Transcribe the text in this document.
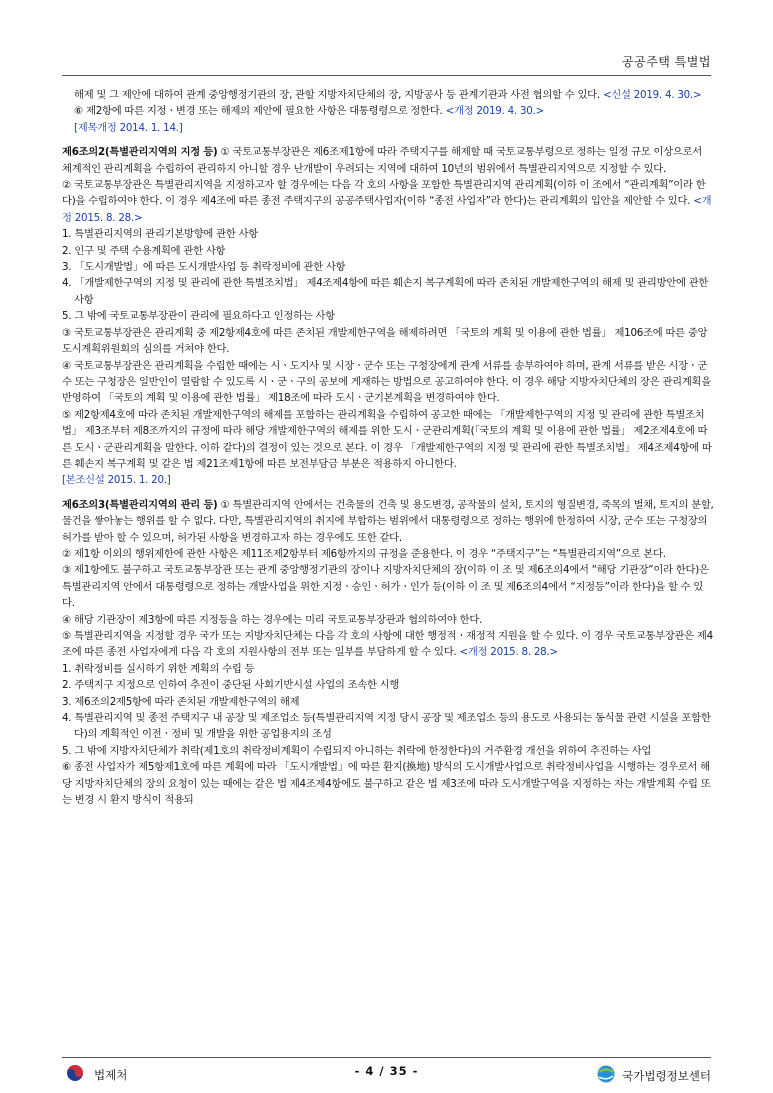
공공주택 특별법

해제 및 그 제안에 대하여 관계 중앙행정기관의 장, 관할 지방자치단체의 장, 지방공사 등 관계기관과 사전 협의할 수 있다. <신설 2019. 4. 30.>

⑥ 제2항에 따른 지정ㆍ변경 또는 해제의 제안에 필요한 사항은 대통령령으로 정한다. <개정 2019. 4. 30.>

[제목개정 2014. 1. 14.]

제6조의2(특별관리지역의 지정 등) ① 국토교통부장관은 제6조제1항에 따라 주택지구를 해제할 때 국토교통부령으로 정하는 일정 규모 이상으로서 체계적인 관리계획을 수립하여 관리하지 아니할 경우 난개발이 우려되는 지역에 대하여 10년의 범위에서 특별관리지역으로 지정할 수 있다.

② 국토교통부장관은 특별관리지역을 지정하고자 할 경우에는 다음 각 호의 사항을 포함한 특별관리지역 관리계획(이하 이 조에서 “관리계획”이라 한다)을 수립하여야 한다. 이 경우 제4조에 따른 종전 주택지구의 공공주택사업자(이하 “종전 사업자”라 한다)는 관리계획의 입안을 제안할 수 있다. <개정 2015. 8. 28.>

1. 특별관리지역의 관리기본방향에 관한 사항

2. 인구 및 주택 수용계획에 관한 사항

3. 「도시개발법」에 따른 도시개발사업 등 취락정비에 관한 사항

4. 「개발제한구역의 지정 및 관리에 관한 특별조치법」 제4조제4항에 따른 훼손지 복구계획에 따라 존치된 개발제한구역의 해제 및 관리방안에 관한 사항

5. 그 밖에 국토교통부장관이 관리에 필요하다고 인정하는 사항

③ 국토교통부장관은 관리계획 중 제2항제4호에 따른 존치된 개발제한구역을 해제하려면 「국토의 계획 및 이용에 관한 법률」 제106조에 따른 중앙도시계획위원회의 심의를 거쳐야 한다.

④ 국토교통부장관은 관리계획을 수립한 때에는 시ㆍ도지사 및 시장ㆍ군수 또는 구청장에게 관계 서류를 송부하여야 하며, 관계 서류를 받은 시장ㆍ군수 또는 구청장은 일반인이 열람할 수 있도록 시ㆍ군ㆍ구의 공보에 게재하는 방법으로 공고하여야 한다. 이 경우 해당 지방자치단체의 장은 관리계획을 반영하여 「국토의 계획 및 이용에 관한 법률」 제18조에 따라 도시ㆍ군기본계획을 변경하여야 한다.

⑤ 제2항제4호에 따라 존치된 개발제한구역의 해제를 포함하는 관리계획을 수립하여 공고한 때에는 「개발제한구역의 지정 및 관리에 관한 특별조치법」 제3조부터 제8조까지의 규정에 따라 해당 개발제한구역의 해제를 위한 도시ㆍ군관리계획(「국토의 계획 및 이용에 관한 법률」 제2조제4호에 따른 도시ㆍ군관리계획을 말한다. 이하 같다)의 결정이 있는 것으로 본다. 이 경우 「개발제한구역의 지정 및 관리에 관한 특별조치법」 제4조제4항에 따른 훼손지 복구계획 및 같은 법 제21조제1항에 따른 보전부담금 부분은 적용하지 아니한다.

[본조신설 2015. 1. 20.]

제6조의3(특별관리지역의 관리 등) ① 특별관리지역 안에서는 건축물의 건축 및 용도변경, 공작물의 설치, 토지의 형질변경, 죽목의 벌채, 토지의 분할, 물건을 쌓아놓는 행위를 할 수 없다. 다만, 특별관리지역의 취지에 부합하는 범위에서 대통령령으로 정하는 행위에 한정하여 시장, 군수 또는 구청장의 허가를 받아 할 수 있으며, 허가된 사항을 변경하고자 하는 경우에도 또한 같다.

② 제1항 이외의 행위제한에 관한 사항은 제11조제2항부터 제6항까지의 규정을 준용한다. 이 경우 “주택지구”는 “특별관리지역”으로 본다.

③ 제1항에도 불구하고 국토교통부장관 또는 관계 중앙행정기관의 장이나 지방자치단체의 장(이하 이 조 및 제6조의4에서 “해당 기관장”이라 한다)은 특별관리지역 안에서 대통령령으로 정하는 개발사업을 위한 지정ㆍ승인ㆍ허가ㆍ인가 등(이하 이 조 및 제6조의4에서 “지정등”이라 한다)을 할 수 있다.

④ 해당 기관장이 제3항에 따른 지정등을 하는 경우에는 미리 국토교통부장관과 협의하여야 한다.

⑤ 특별관리지역을 지정할 경우 국가 또는 지방자치단체는 다음 각 호의 사항에 대한 행정적ㆍ재정적 지원을 할 수 있다. 이 경우 국토교통부장관은 제4조에 따른 종전 사업자에게 다음 각 호의 지원사항의 전부 또는 일부를 부담하게 할 수 있다. <개정 2015. 8. 28.>

1. 취락정비를 실시하기 위한 계획의 수립 등

2. 주택지구 지정으로 인하여 추진이 중단된 사회기반시설 사업의 조속한 시행

3. 제6조의2제5항에 따라 존치된 개발제한구역의 해제

4. 특별관리지역 및 종전 주택지구 내 공장 및 제조업소 등(특별관리지역 지정 당시 공장 및 제조업소 등의 용도로 사용되는 동식물 관련 시설을 포함한다)의 계획적인 이전ㆍ정비 및 개발을 위한 공업용지의 조성

5. 그 밖에 지방자치단체가 취락(제1호의 취락정비계획이 수립되지 아니하는 취락에 한정한다)의 거주환경 개선을 위하여 추진하는 사업

⑥ 종전 사업자가 제5항제1호에 따른 계획에 따라 「도시개발법」에 따른 환지(換地) 방식의 도시개발사업으로 취락정비사업을 시행하는 경우로서 해당 지방자치단체의 장의 요청이 있는 때에는 같은 법 제4조제4항에도 불구하고 같은 법 제3조에 따라 도시개발구역을 지정하는 자는 개발계획 수립 또는 변경 시 환지 방식이 적용되

법제처	- 4 / 35 -	국가법령정보센터
